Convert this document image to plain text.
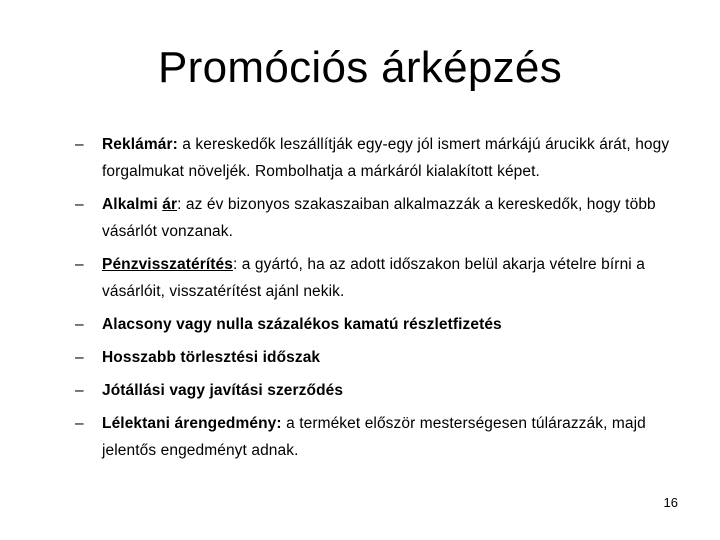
Promóciós árképzés
– Reklámár: a kereskedők leszállítják egy-egy jól ismert márkájú árucikk árát, hogy forgalmukat növeljék. Rombolhatja a márkáról kialakított képet.
– Alkalmi ár: az év bizonyos szakaszaiban alkalmazzák a kereskedők, hogy több vásárlót vonzanak.
– Pénzvisszatérítés: a gyártó, ha az adott időszakon belül akarja vételre bírni a vásárlóit, visszatérítést ajánl nekik.
– Alacsony vagy nulla százalékos kamatú részletfizetés
– Hosszabb törlesztési időszak
– Jótállási vagy javítási szerződés
– Lélektani árengedmény: a terméket először mesterségesen túlárazzák, majd jelentős engedményt adnak.
16
